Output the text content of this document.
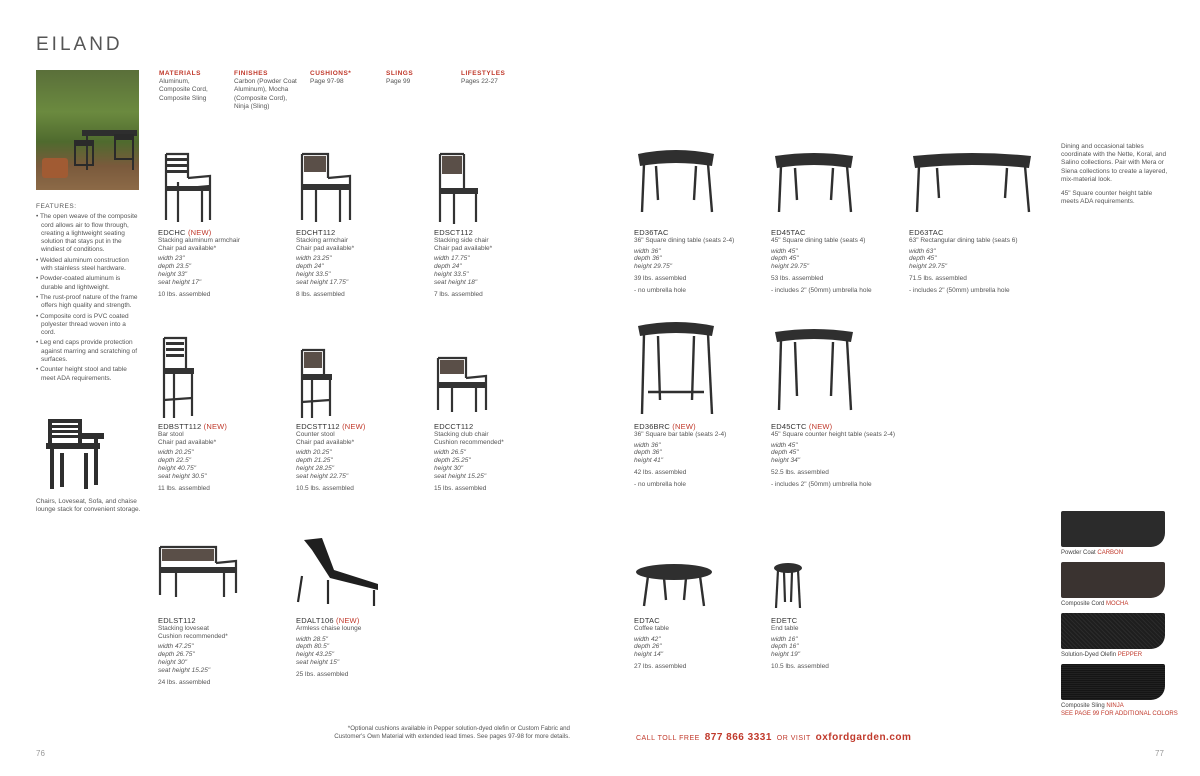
EILAND
MATERIALS
Aluminum,
Composite Cord,
Composite Sling
FINISHES
Carbon (Powder Coat
Aluminum), Mocha
(Composite Cord),
Ninja (Sling)
CUSHIONS*
Page 97-98
SLINGS
Page 99
LIFESTYLES
Pages 22-27
FEATURES:
• The open weave of the composite cord allows air to flow through, creating a lightweight seating solution that stays put in the windiest of conditions.
• Welded aluminum construction with stainless steel hardware.
• Powder-coated aluminum is durable and lightweight.
• The rust-proof nature of the frame offers high quality and strength.
• Composite cord is PVC coated polyester thread woven into a cord.
• Leg end caps provide protection against marring and scratching of surfaces.
• Counter height stool and table meet ADA requirements.
Chairs, Loveseat, Sofa, and chaise lounge stack for convenient storage.
EDCHC (NEW)
Stacking aluminum armchair
Chair pad available*
width 23"
depth 23.5"
height 33"
seat height 17"
10 lbs. assembled
EDCHT112
Stacking armchair
Chair pad available*
width 23.25"
depth 24"
height 33.5"
seat height 17.75"
8 lbs. assembled
EDSCT112
Stacking side chair
Chair pad available*
width 17.75"
depth 24"
height 33.5"
seat height 18"
7 lbs. assembled
ED36TAC
36" Square dining table (seats 2-4)
width 36"
depth 36"
height 29.75"
39 lbs. assembled
- no umbrella hole
ED45TAC
45" Square dining table (seats 4)
width 45"
depth 45"
height 29.75"
53 lbs. assembled
- includes 2" (50mm) umbrella hole
ED63TAC
63" Rectangular dining table (seats 6)
width 63"
depth 45"
height 29.75"
71.5 lbs. assembled
- includes 2" (50mm) umbrella hole
EDBSTT112 (NEW)
Bar stool
Chair pad available*
width 20.25"
depth 22.5"
height 40.75"
seat height 30.5"
11 lbs. assembled
EDCSTT112 (NEW)
Counter stool
Chair pad available*
width 20.25"
depth 21.25"
height 28.25"
seat height 22.75"
10.5 lbs. assembled
EDCCT112
Stacking club chair
Cushion recommended*
width 26.5"
depth 25.25"
height 30"
seat height 15.25"
15 lbs. assembled
ED36BRC (NEW)
36" Square bar table (seats 2-4)
width 36"
depth 36"
height 41"
42 lbs. assembled
- no umbrella hole
ED45CTC (NEW)
45" Square counter height table (seats 2-4)
width 45"
depth 45"
height 34"
52.5 lbs. assembled
- includes 2" (50mm) umbrella hole
EDLST112
Stacking loveseat
Cushion recommended*
width 47.25"
depth 26.75"
height 30"
seat height 15.25"
24 lbs. assembled
EDALT106 (NEW)
Armless chaise lounge
width 28.5"
depth 80.5"
height 43.25"
seat height 15"
25 lbs. assembled
EDTAC
Coffee table
width 42"
depth 26"
height 14"
27 lbs. assembled
EDETC
End table
width 16"
depth 16"
height 19"
10.5 lbs. assembled

Dining and occasional tables coordinate with the Nette, Koral, and Salino collections. Pair with Mera or Siena collections to create a layered, mix-material look.

45" Square counter height table meets ADA requirements.

Powder Coat CARBON
Composite Cord MOCHA
Solution-Dyed Olefin PEPPER
Composite Sling NINJA
SEE PAGE 99 FOR ADDITIONAL COLORS
*Optional cushions available in Pepper solution-dyed olefin or Custom Fabric and Customer's Own Material with extended lead times. See pages 97-98 for more details.	CALL TOLL FREE 877 866 3331 OR VISIT oxfordgarden.com
76	77
